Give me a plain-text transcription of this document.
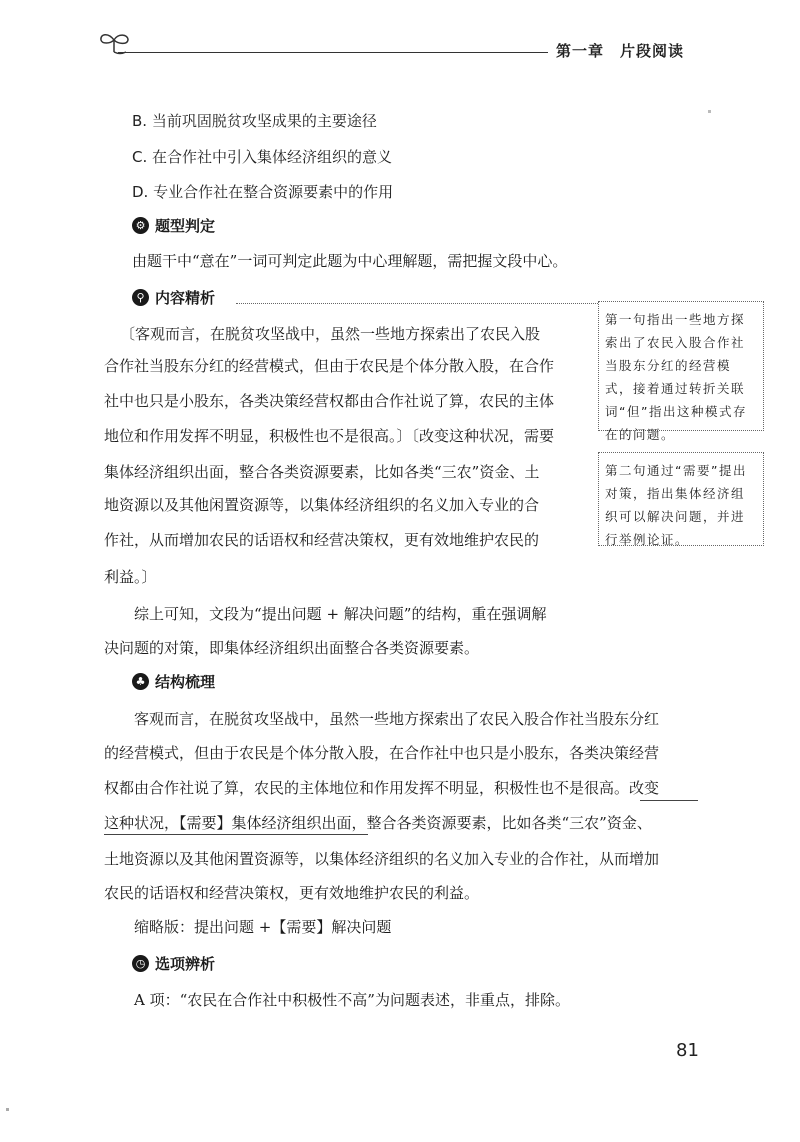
第一章　片段阅读
B. 当前巩固脱贫攻坚成果的主要途径
C. 在合作社中引入集体经济组织的意义
D. 专业合作社在整合资源要素中的作用
⚙ 题型判定
由题干中“意在”一词可判定此题为中心理解题，需把握文段中心。
⚲ 内容精析
〔客观而言，在脱贫攻坚战中，虽然一些地方探索出了农民入股
合作社当股东分红的经营模式，但由于农民是个体分散入股，在合作
社中也只是小股东，各类决策经营权都由合作社说了算，农民的主体
地位和作用发挥不明显，积极性也不是很高。〕〔改变这种状况，需要
集体经济组织出面，整合各类资源要素，比如各类“三农”资金、土
地资源以及其他闲置资源等，以集体经济组织的名义加入专业的合
作社，从而增加农民的话语权和经营决策权，更有效地维护农民的
利益。〕
第一句指出一些地方探索出了农民入股合作社当股东分红的经营模式，接着通过转折关联词“但”指出这种模式存在的问题。
第二句通过“需要”提出对策，指出集体经济组织可以解决问题，并进行举例论证。
综上可知，文段为“提出问题 + 解决问题”的结构，重在强调解
决问题的对策，即集体经济组织出面整合各类资源要素。
♣ 结构梳理
客观而言，在脱贫攻坚战中，虽然一些地方探索出了农民入股合作社当股东分红
的经营模式，但由于农民是个体分散入股，在合作社中也只是小股东，各类决策经营
权都由合作社说了算，农民的主体地位和作用发挥不明显，积极性也不是很高。改变
这种状况，【需要】集体经济组织出面，整合各类资源要素，比如各类“三农”资金、
土地资源以及其他闲置资源等，以集体经济组织的名义加入专业的合作社，从而增加
农民的话语权和经营决策权，更有效地维护农民的利益。
缩略版：提出问题 +【需要】解决问题
◷ 选项辨析
A 项：“农民在合作社中积极性不高”为问题表述，非重点，排除。
81
